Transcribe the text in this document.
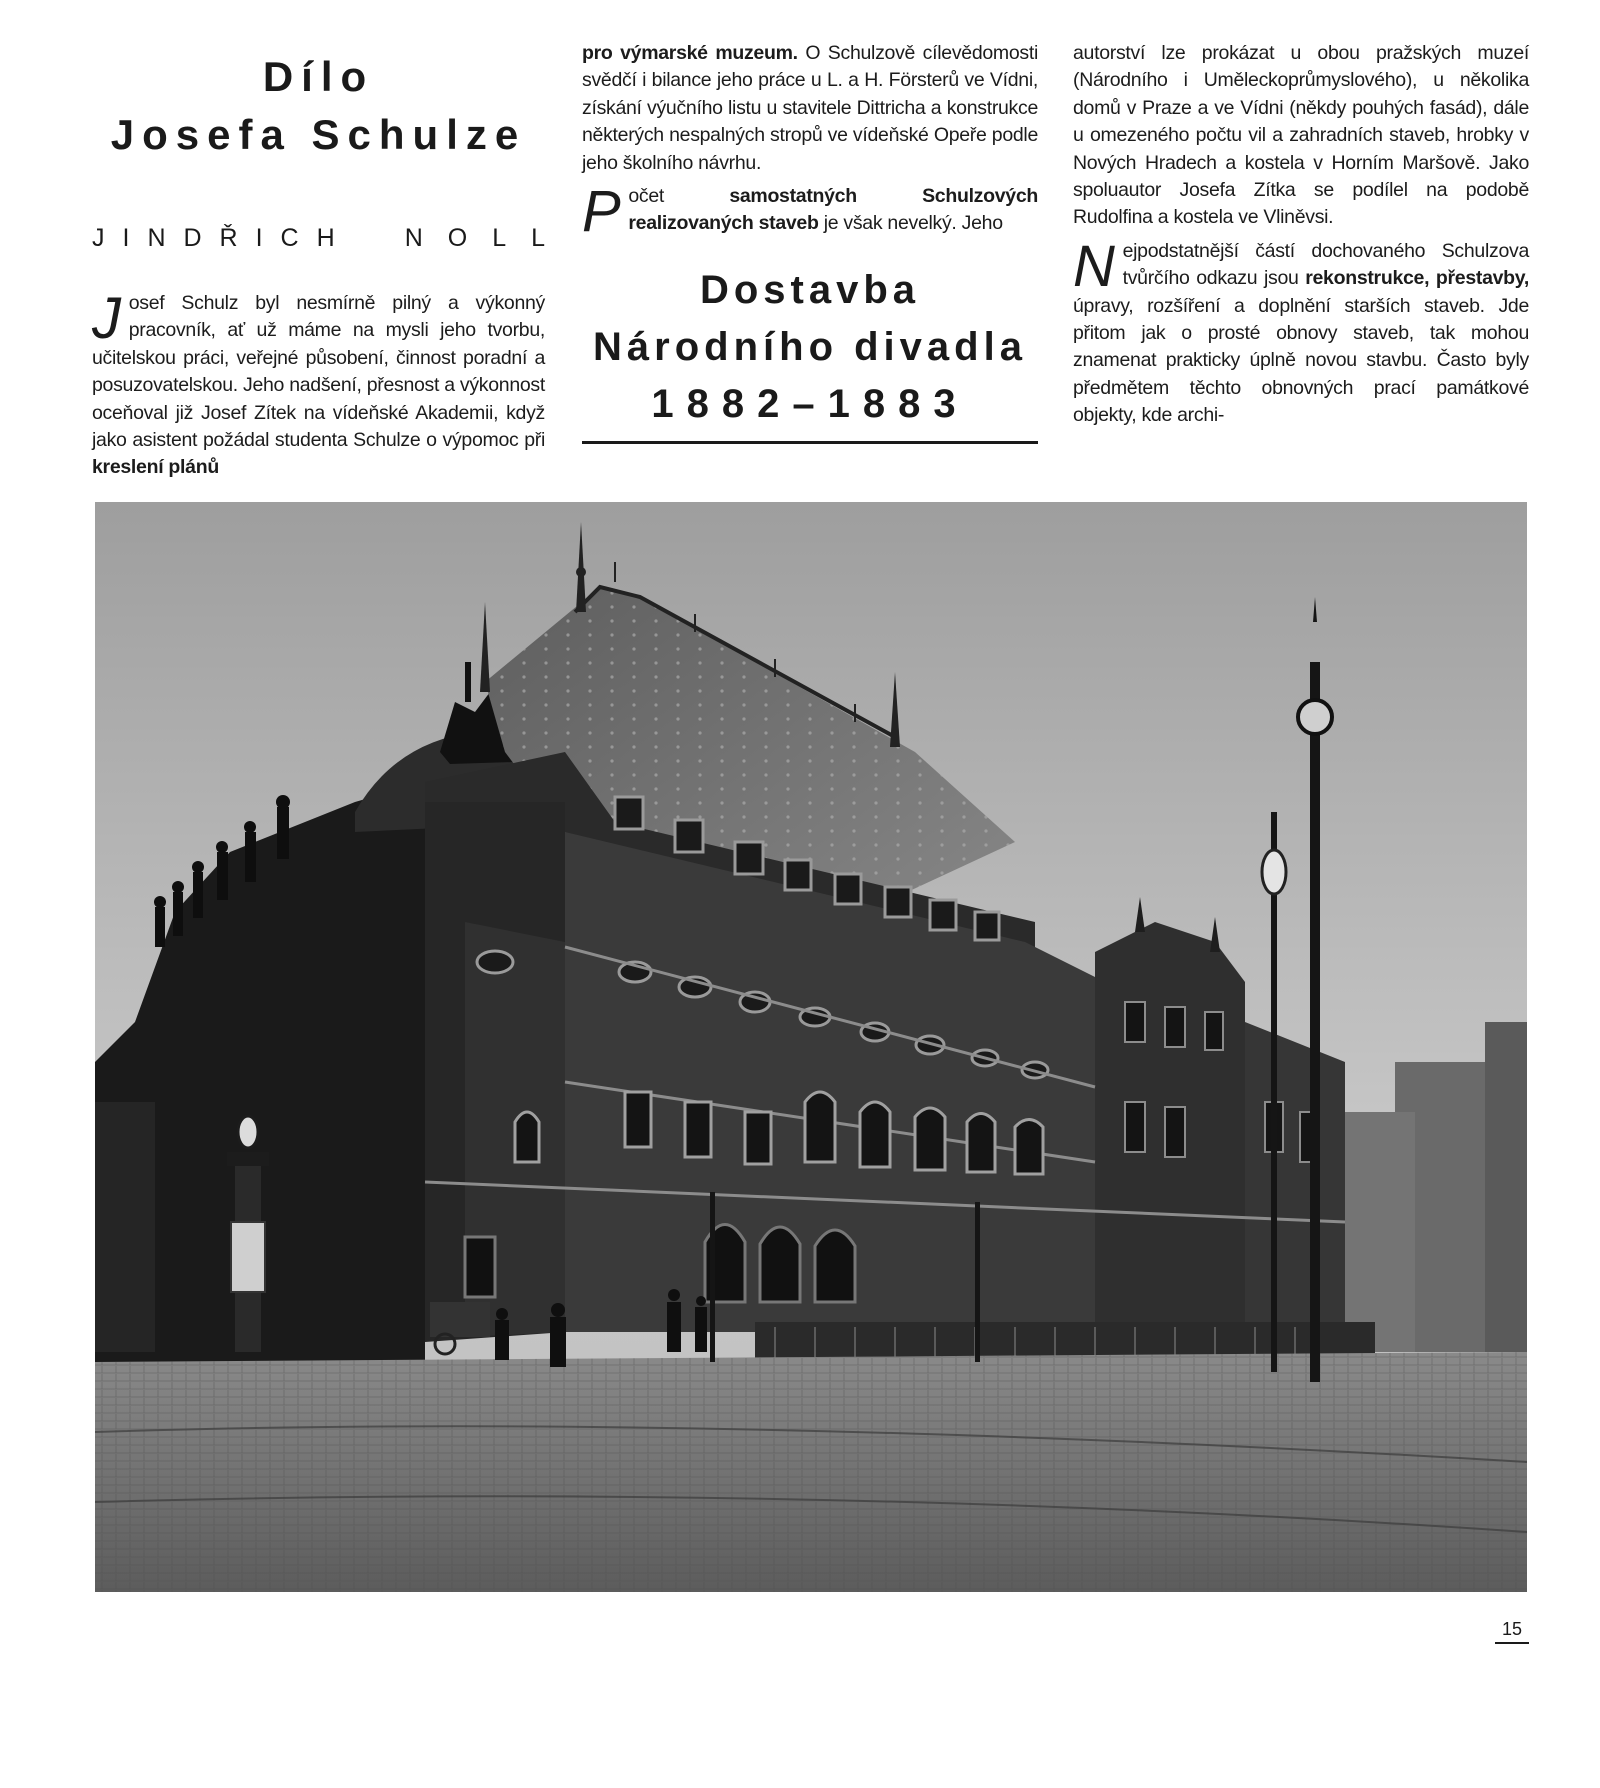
Dílo
Josefa Schulze
JINDŘICH NOLL

Josef Schulz byl nesmírně pilný a výkonný pracovník, ať už máme na mysli jeho tvorbu, učitelskou práci, veřejné působení, činnost poradní a posuzovatelskou. Jeho nadšení, přesnost a výkonnost oceňoval již Josef Zítek na vídeňské Akademii, když jako asistent požádal studenta Schulze o výpomoc při kreslení plánů

pro výmarské muzeum. O Schulzově cílevědomosti svědčí i bilance jeho práce u L. a H. Försterů ve Vídni, získání výučního listu u stavitele Dittricha a konstrukce některých nespalných stropů ve vídeňské Opeře podle jeho školního návrhu.

Počet samostatných Schulzových realizovaných staveb je však nevelký. Jeho

Dostavba
Národního divadla
1882–1883

autorství lze prokázat u obou pražských muzeí (Národního i Uměleckoprůmyslového), u několika domů v Praze a ve Vídni (někdy pouhých fasád), dále u omezeného počtu vil a zahradních staveb, hrobky v Nových Hradech a kostela v Horním Maršově. Jako spoluautor Josefa Zítka se podílel na podobě Rudolfina a kostela ve Vliněvsi.

Nejpodstatnější částí dochovaného Schulzova tvůrčího odkazu jsou rekonstrukce, přestavby, úpravy, rozšíření a doplnění starších staveb. Jde přitom jak o prosté obnovy staveb, tak mohou znamenat prakticky úplně novou stavbu. Často byly předmětem těchto obnovných prací památkové objekty, kde archi-

15
